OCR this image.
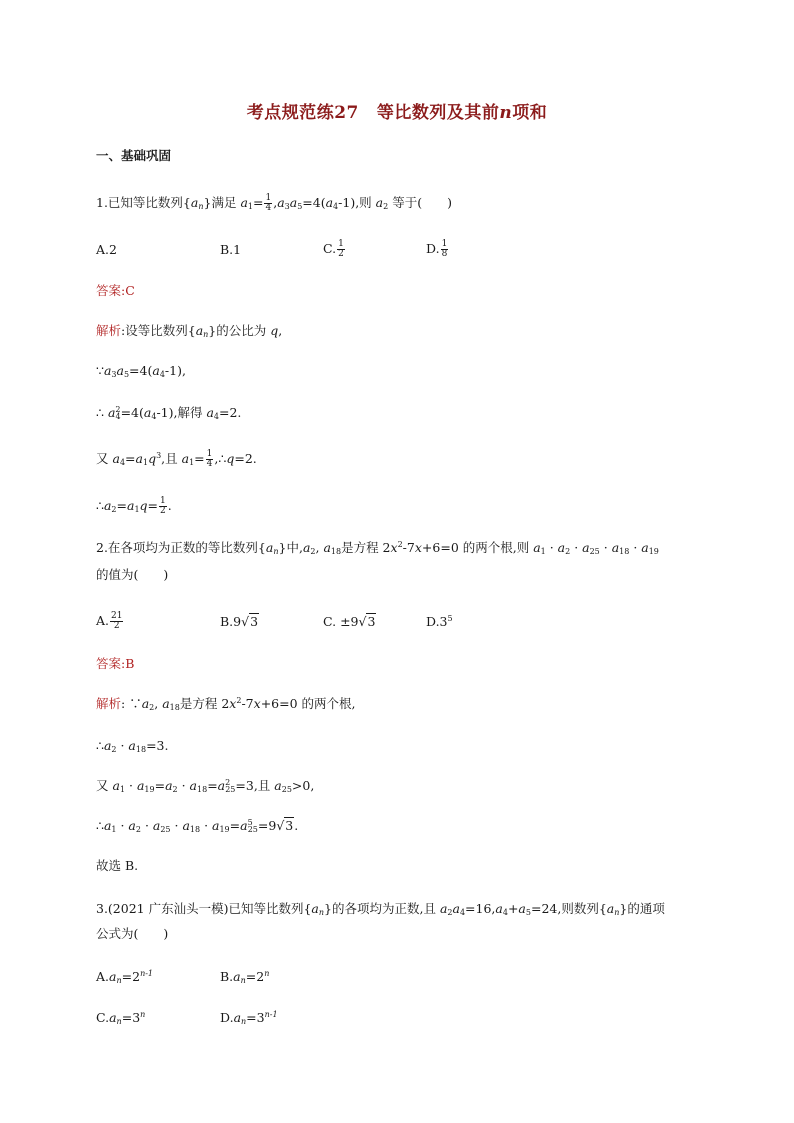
考点规范练27 等比数列及其前n项和
一、基础巩固
1.已知等比数列$\{a_n\}$满足 $a_1= \frac{1}{4} ,a_3a_5=4(a_4-1)$,则 $a_2$ 等于(　　)
A.2	B.1	C. $\frac{1}{2}$	D. $\frac{1}{8}$
答案:C
解析:设等比数列$\{a_n\}$的公比为 q,
$\because a_3a_5=4(a_4-1)$,
∴ $a^2_4=4(a_4-1)$,解得 $a_4=2$.
又 $a_4=a_1q^3$,且 $a_1= \frac{1}{4}$ ,∴q=2.
$\therefore a_2=a_1q= \frac{1}{2}$ .
2.在各项均为正数的等比数列$\{a_n\}$中$,a_2$, $a_{18}$是方程 $2x^2-7x+6=0$ 的两个根,则 $a_1 \cdot a_2 \cdot a_{25} \cdot a_{18} \cdot a_{19}$
的值为(　　)
A. $\frac{21}{2}$	B.9√3	C. ±9√3	$D.3^5$
答案:B
解析: $\because a_2$, $a_{18}$是方程 $2x^2-7x+6=0$ 的两个根,
$\therefore a_2 \cdot a_{18}=3$.
又 $a_1 \cdot a_{19}=a_2 \cdot a_{18}=a^2_{25}=3$,且 $a_{25}>0$,
$\therefore a_1 \cdot a_2 \cdot a_{25} \cdot a_{18} \cdot a_{19}=a^5_{25}=9√3$.
故选 B.
3.(2021 广东汕头一模)已知等比数列$\{a_n\}$的各项均为正数,且 $a_2a_4=16,a_4+a_5=24$,则数列$\{a_n\}$的通项
公式为(　　)
$A.a_n=2^{n-1}$	$B.a_n=2^n$
$C.a_n=3^n$	$D.a_n=3^{n-1}$
